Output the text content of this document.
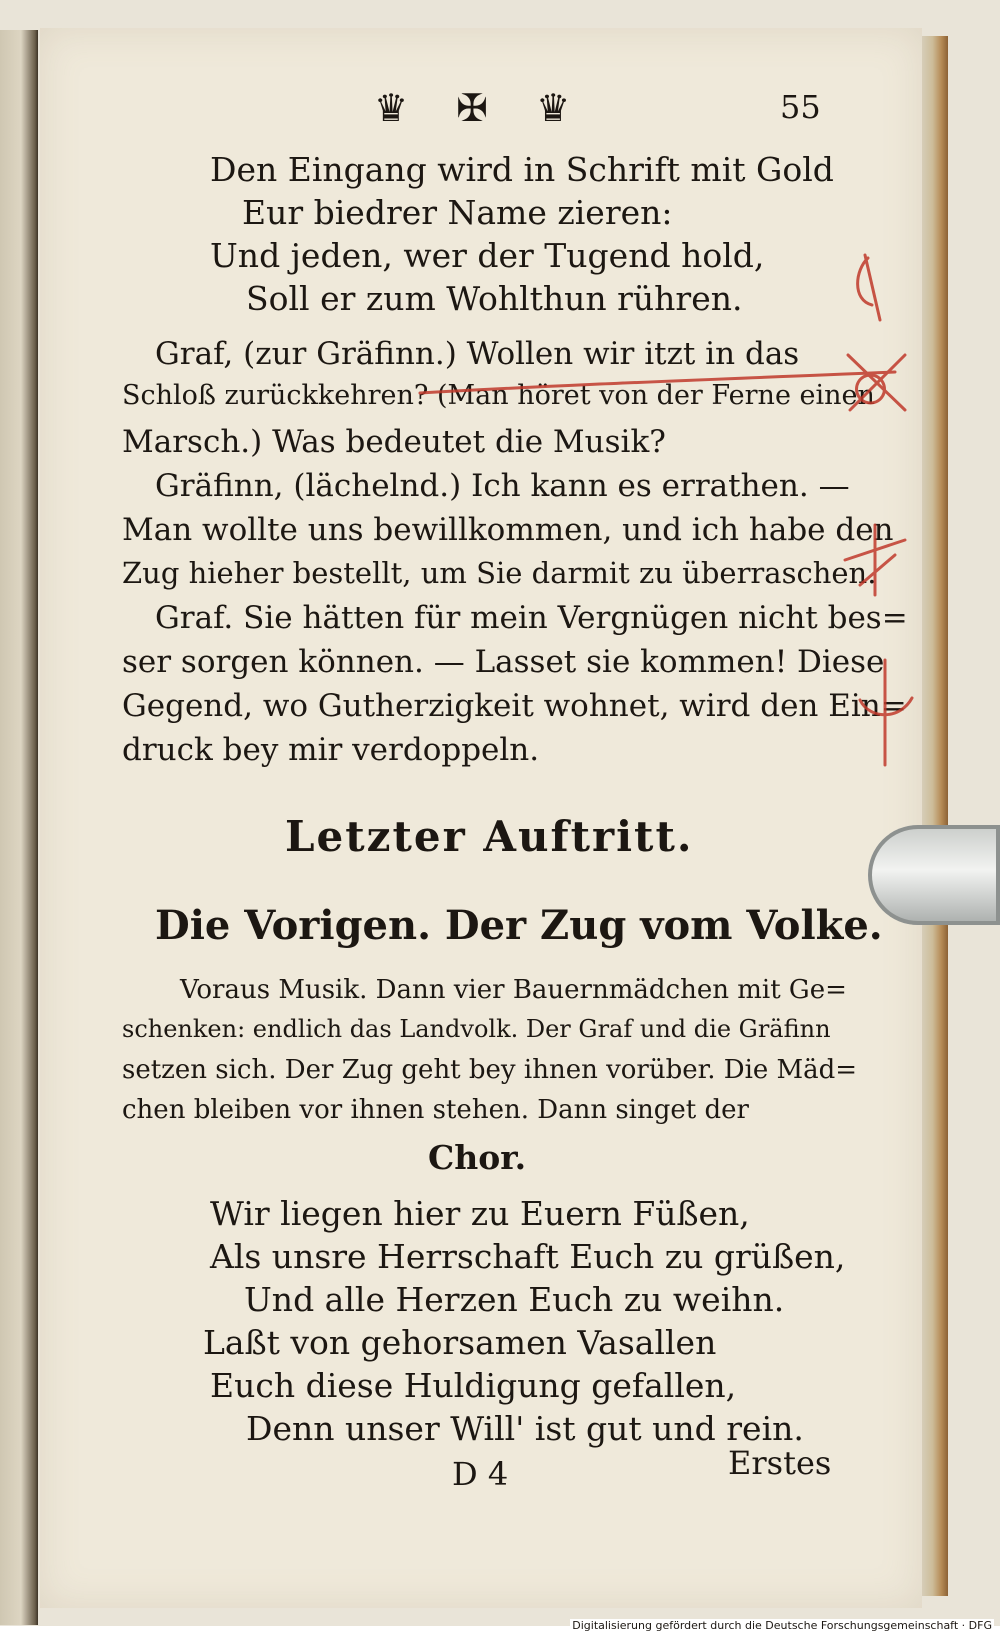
♛ ✠ ♛	55
Den Eingang wird in Schrift mit Gold
Eur biedrer Name zieren:
Und jeden, wer der Tugend hold,
Soll er zum Wohlthun rühren.
Graf, (zur Gräfinn.) Wollen wir itzt in das
Schloß zurückkehren? (Man höret von der Ferne einen
Marsch.) Was bedeutet die Musik?
Gräfinn, (lächelnd.) Ich kann es errathen. —
Man wollte uns bewillkommen, und ich habe den
Zug hieher bestellt, um Sie darmit zu überraschen.
Graf. Sie hätten für mein Vergnügen nicht bes=
ser sorgen können. — Lasset sie kommen! Diese
Gegend, wo Gutherzigkeit wohnet, wird den Ein=
druck bey mir verdoppeln.
Letzter Auftritt.
Die Vorigen. Der Zug vom Volke.
Voraus Musik. Dann vier Bauernmädchen mit Ge=
schenken: endlich das Landvolk. Der Graf und die Gräfinn
setzen sich. Der Zug geht bey ihnen vorüber. Die Mäd=
chen bleiben vor ihnen stehen. Dann singet der
Chor.
Wir liegen hier zu Euern Füßen,
Als unsre Herrschaft Euch zu grüßen,
Und alle Herzen Euch zu weihn.
Laßt von gehorsamen Vasallen
Euch diese Huldigung gefallen,
Denn unser Will' ist gut und rein.
D 4	Erstes
Digitalisierung gefördert durch die Deutsche Forschungsgemeinschaft · DFG
